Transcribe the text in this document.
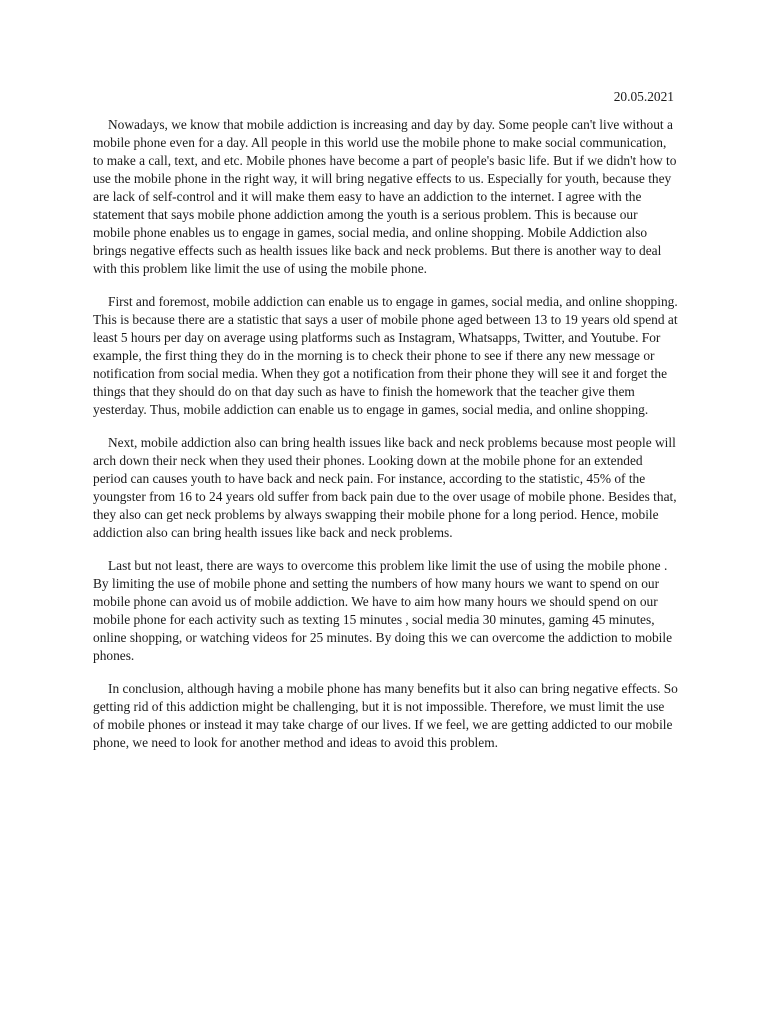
20.05.2021

Nowadays, we know that mobile addiction is increasing and day by day. Some people can't live without a mobile phone even for a day. All people in this world use the mobile phone to make social communication, to make a call, text, and etc. Mobile phones have become a part of people's basic life. But if we didn't how to use the mobile phone in the right way, it will bring negative effects to us. Especially for youth, because they are lack of self-control and it will make them easy to have an addiction to the internet. I agree with the statement that says mobile phone addiction among the youth is a serious problem. This is because our mobile phone enables us to engage in games, social media, and online shopping. Mobile Addiction also brings negative effects such as health issues like back and neck problems. But there is another way to deal with this problem like limit the use of using the mobile phone.

First and foremost, mobile addiction can enable us to engage in games, social media, and online shopping. This is because there are a statistic that says a user of mobile phone aged between 13 to 19 years old spend at least 5 hours per day on average using platforms such as Instagram, Whatsapps, Twitter, and Youtube. For example, the first thing they do in the morning is to check their phone to see if there any new message or notification from social media. When they got a notification from their phone they will see it and forget the things that they should do on that day such as have to finish the homework that the teacher give them yesterday. Thus, mobile addiction can enable us to engage in games, social media, and online shopping.

Next, mobile addiction also can bring health issues like back and neck problems because most people will arch down their neck when they used their phones. Looking down at the mobile phone for an extended period can causes youth to have back and neck pain. For instance, according to the statistic, 45% of the youngster from 16 to 24 years old suffer from back pain due to the over usage of mobile phone. Besides that, they also can get neck problems by always swapping their mobile phone for a long period. Hence, mobile addiction also can bring health issues like back and neck problems.

Last but not least, there are ways to overcome this problem like limit the use of using the mobile phone . By limiting the use of mobile phone and setting the numbers of how many hours we want to spend on our mobile phone can avoid us of mobile addiction. We have to aim how many hours we should spend on our mobile phone for each activity such as texting 15 minutes , social media 30 minutes, gaming 45 minutes, online shopping, or watching videos for 25 minutes. By doing this we can overcome the addiction to mobile phones.

In conclusion, although having a mobile phone has many benefits but it also can bring negative effects. So getting rid of this addiction might be challenging, but it is not impossible. Therefore, we must limit the use of mobile phones or instead it may take charge of our lives. If we feel, we are getting addicted to our mobile phone, we need to look for another method and ideas to avoid this problem.
